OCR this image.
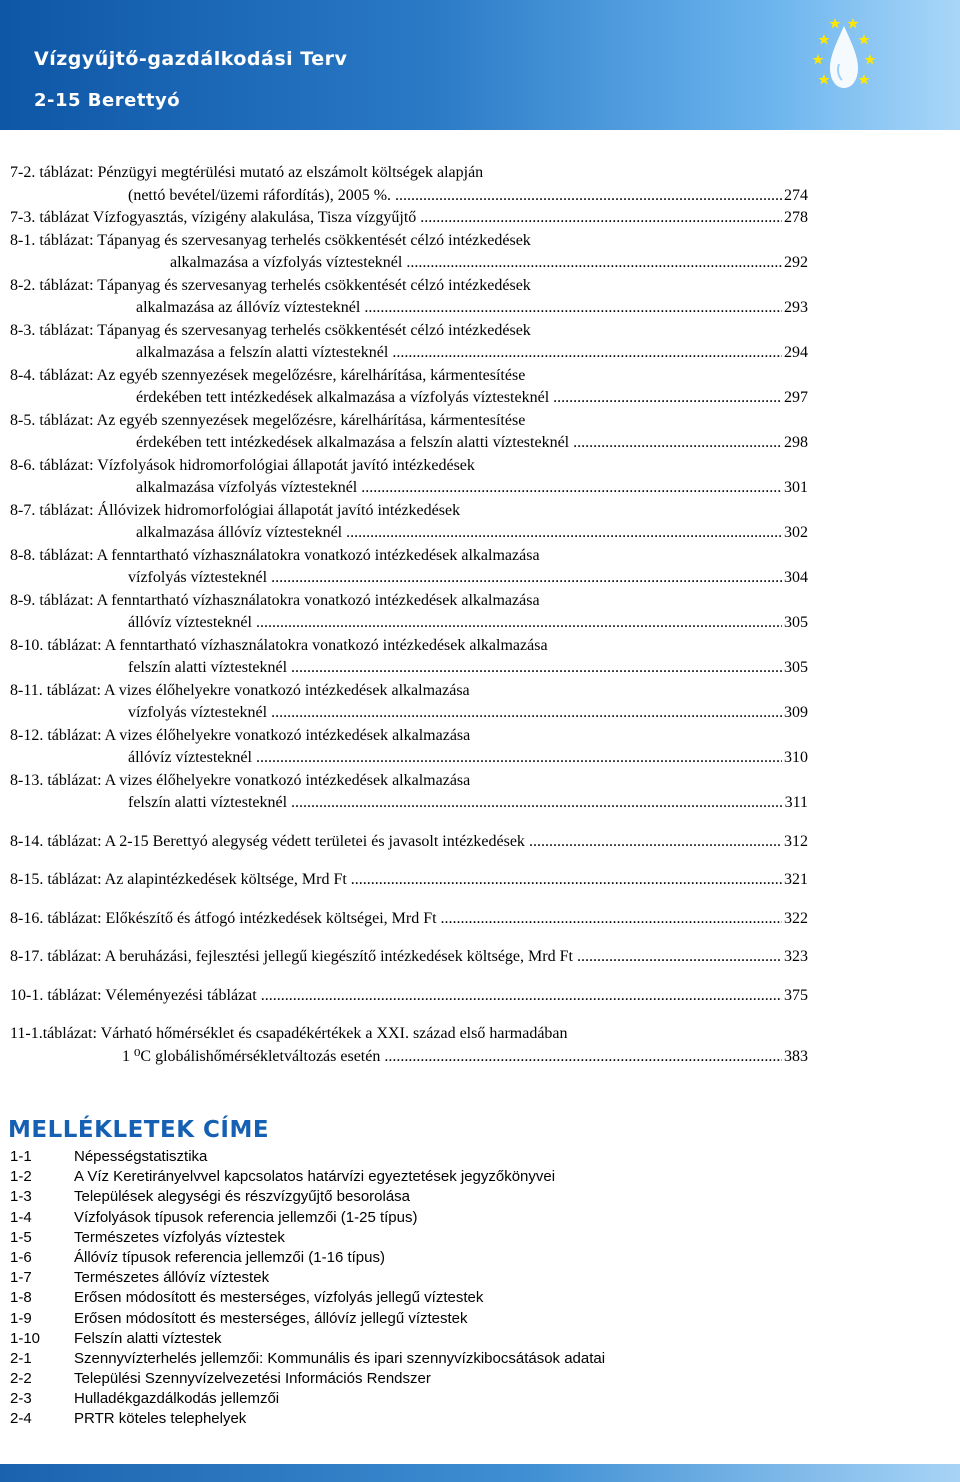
Vízgyűjtő-gazdálkodási Terv
2-15 Berettyó
7-2. táblázat: Pénzügyi megtérülési mutató az elszámolt költségek alapján
(nettó bevétel/üzemi ráfordítás), 2005 %. .....	274
7-3. táblázat Vízfogyasztás, vízigény alakulása, Tisza vízgyűjtő .....	278
8-1. táblázat: Tápanyag és szervesanyag terhelés csökkentését célzó intézkedések
alkalmazása a vízfolyás víztesteknél .....	292
8-2. táblázat: Tápanyag és szervesanyag terhelés csökkentését célzó intézkedések
alkalmazása az állóvíz víztesteknél .....	293
8-3. táblázat: Tápanyag és szervesanyag terhelés csökkentését célzó intézkedések
alkalmazása a felszín alatti víztesteknél .....	294
8-4. táblázat: Az egyéb szennyezések megelőzésre, kárelhárítása, kármentesítése
érdekében tett intézkedések alkalmazása a vízfolyás víztesteknél .....	297
8-5. táblázat: Az egyéb szennyezések megelőzésre, kárelhárítása, kármentesítése
érdekében tett intézkedések alkalmazása a felszín alatti víztesteknél .....	298
8-6. táblázat: Vízfolyások hidromorfológiai állapotát javító intézkedések
alkalmazása vízfolyás víztesteknél .....	301
8-7. táblázat: Állóvizek hidromorfológiai állapotát javító intézkedések
alkalmazása állóvíz víztesteknél .....	302
8-8. táblázat: A fenntartható vízhasználatokra vonatkozó intézkedések alkalmazása
vízfolyás víztesteknél .....	304
8-9. táblázat: A fenntartható vízhasználatokra vonatkozó intézkedések alkalmazása
állóvíz víztesteknél .....	305
8-10. táblázat: A fenntartható vízhasználatokra vonatkozó intézkedések alkalmazása
felszín alatti víztesteknél .....	305
8-11. táblázat: A vizes élőhelyekre vonatkozó intézkedések alkalmazása
vízfolyás víztesteknél .....	309
8-12. táblázat: A vizes élőhelyekre vonatkozó intézkedések alkalmazása
állóvíz víztesteknél .....	310
8-13. táblázat: A vizes élőhelyekre vonatkozó intézkedések alkalmazása
felszín alatti víztesteknél .....	311
8-14. táblázat: A 2-15 Berettyó alegység védett területei és javasolt intézkedések .....	312
8-15. táblázat: Az alapintézkedések költsége, Mrd Ft .....	321
8-16. táblázat: Előkészítő és átfogó intézkedések költségei, Mrd Ft .....	322
8-17. táblázat: A beruházási, fejlesztési jellegű kiegészítő intézkedések költsége, Mrd Ft .....	323
10-1. táblázat: Véleményezési táblázat .....	375
11-1.táblázat: Várható hőmérséklet és csapadékértékek a XXI. század első harmadában
1 ⁰C globálishőmérsékletváltozás esetén .....	383
MELLÉKLETEK CÍME
1-1	Népességstatisztika
1-2	A Víz Keretirányelvvel kapcsolatos határvízi egyeztetések jegyzőkönyvei
1-3	Települések alegységi és részvízgyűjtő besorolása
1-4	Vízfolyások típusok referencia jellemzői (1-25 típus)
1-5	Természetes vízfolyás víztestek
1-6	Állóvíz típusok referencia jellemzői (1-16 típus)
1-7	Természetes állóvíz víztestek
1-8	Erősen módosított és mesterséges, vízfolyás jellegű víztestek
1-9	Erősen módosított és mesterséges, állóvíz jellegű víztestek
1-10	Felszín alatti víztestek
2-1	Szennyvízterhelés jellemzői: Kommunális és ipari szennyvízkibocsátások adatai
2-2	Települési Szennyvízelvezetési Információs Rendszer
2-3	Hulladékgazdálkodás jellemzői
2-4	PRTR köteles telephelyek
